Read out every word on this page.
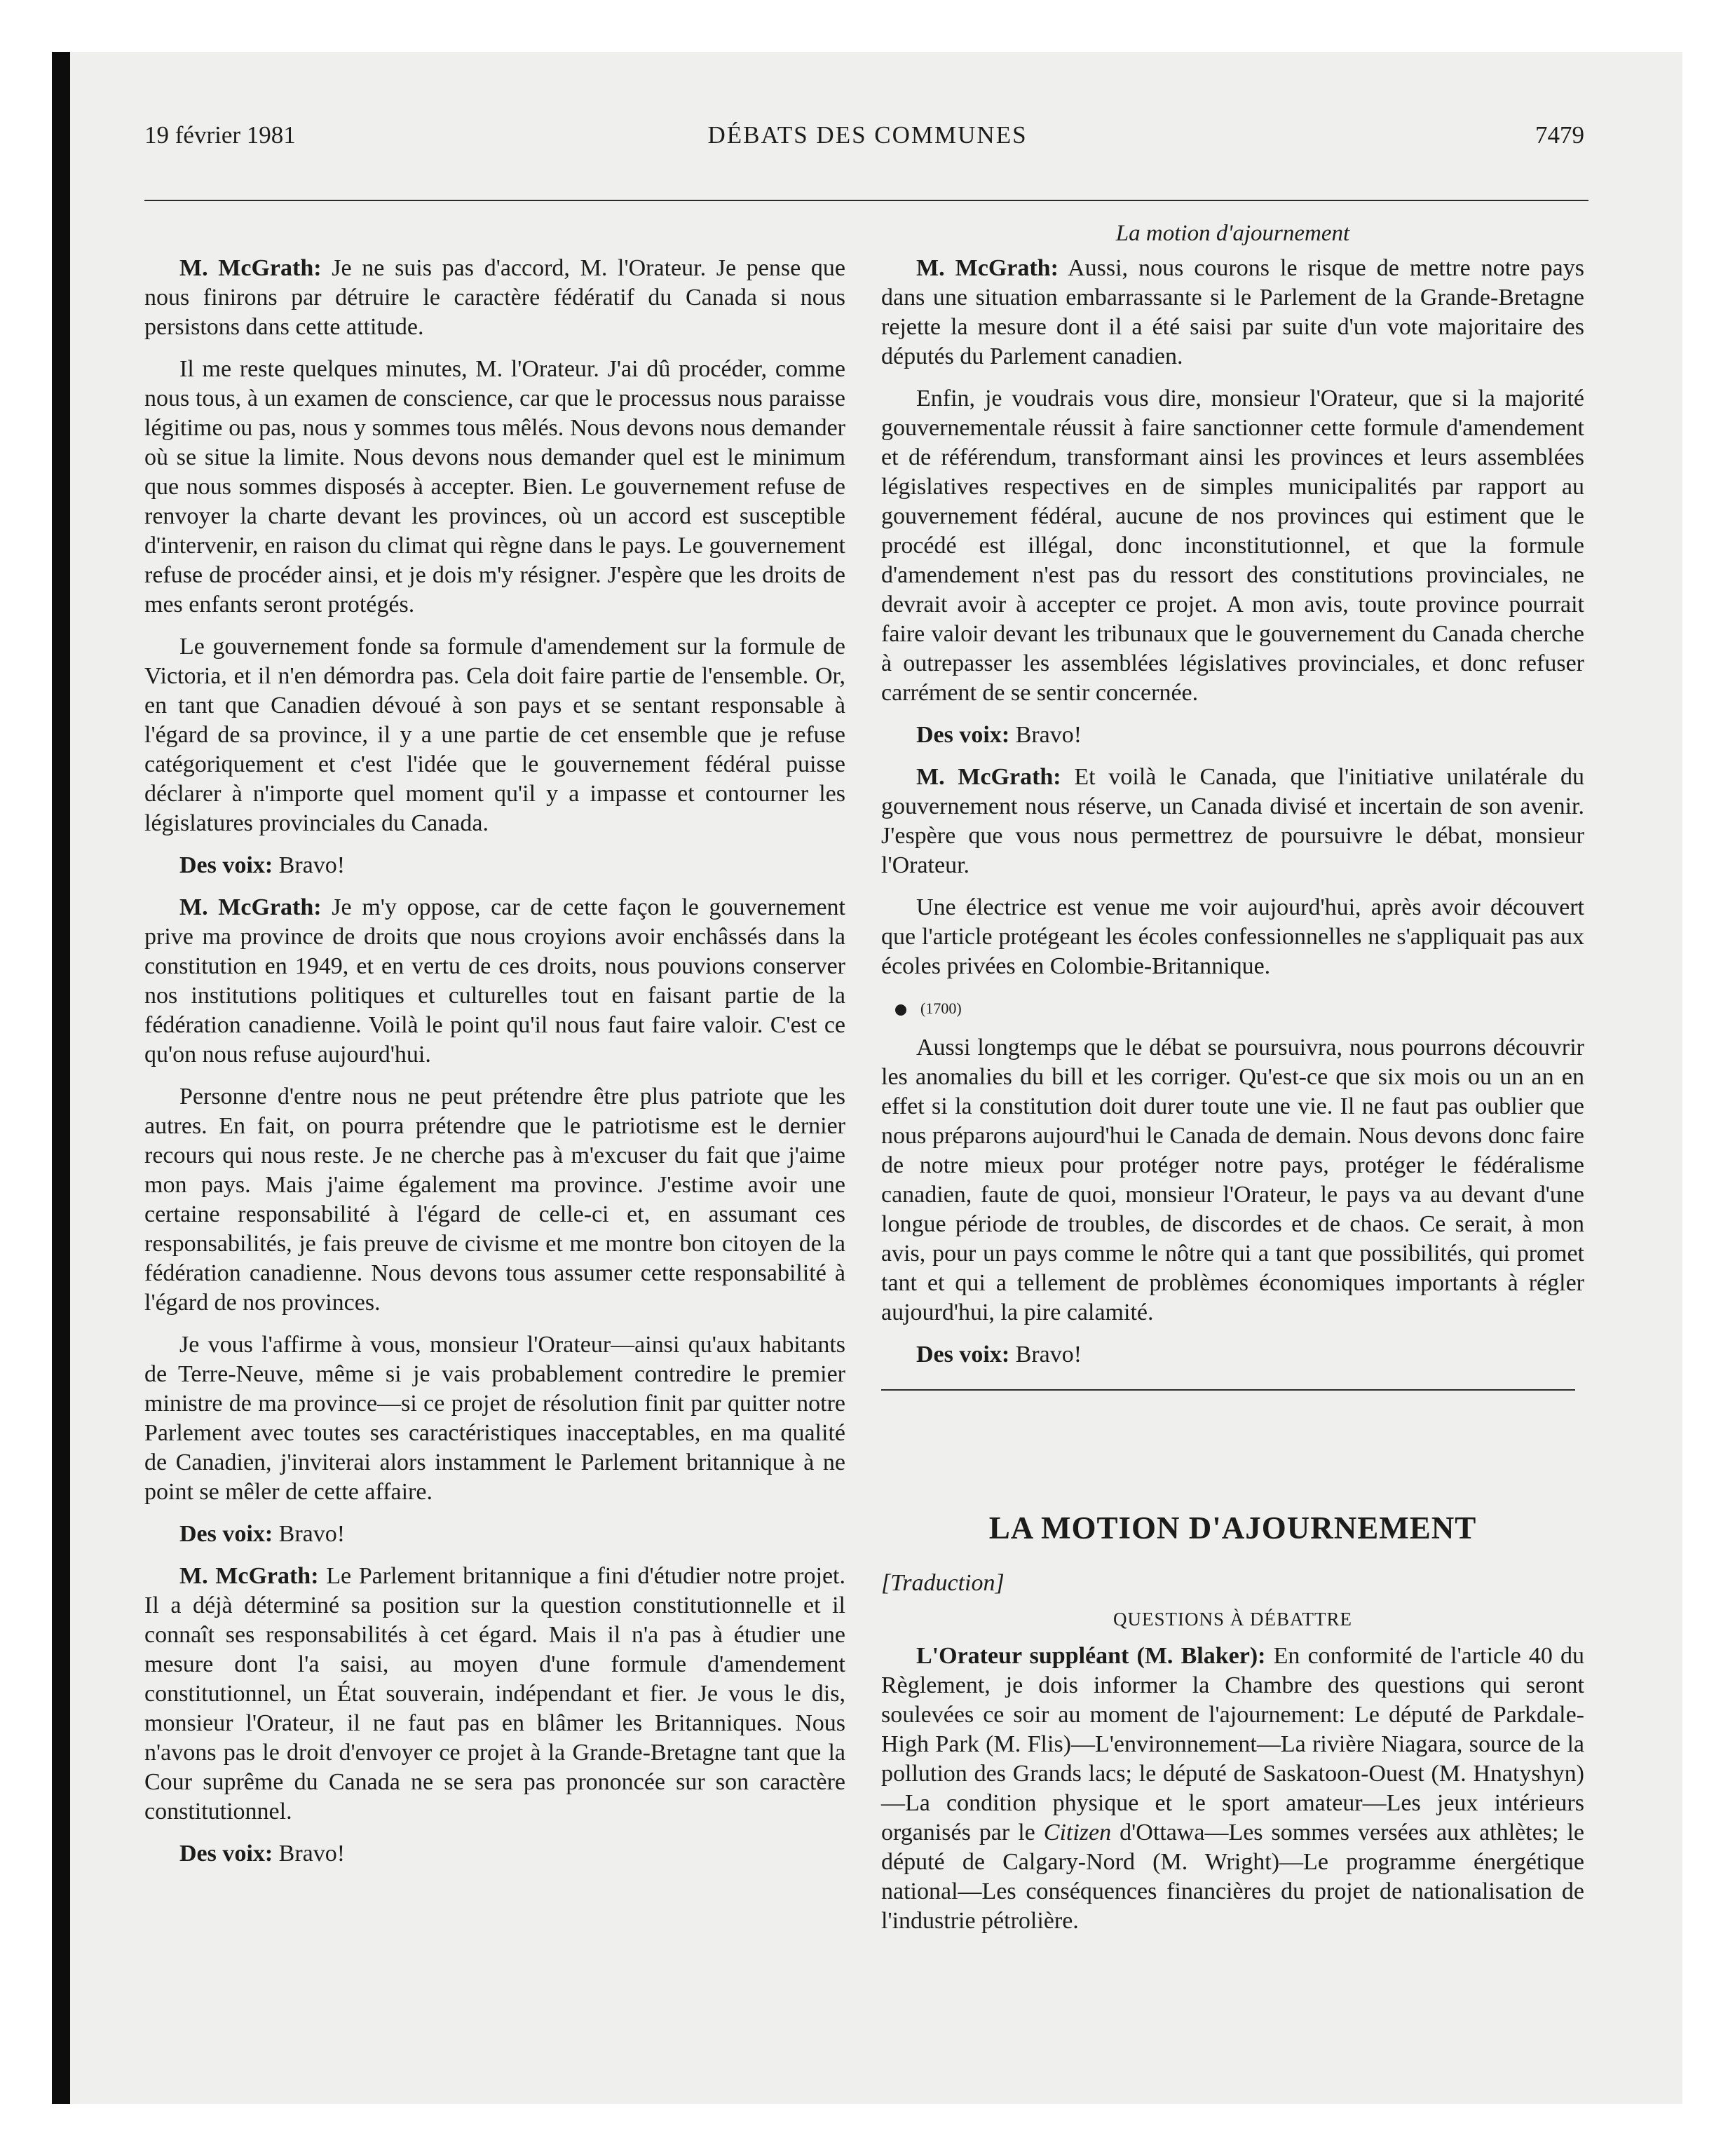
19 février 1981	DÉBATS DES COMMUNES	7479

M. McGrath: Je ne suis pas d'accord, M. l'Orateur. Je pense que nous finirons par détruire le caractère fédératif du Canada si nous persistons dans cette attitude.

Il me reste quelques minutes, M. l'Orateur. J'ai dû procéder, comme nous tous, à un examen de conscience, car que le processus nous paraisse légitime ou pas, nous y sommes tous mêlés. Nous devons nous demander où se situe la limite. Nous devons nous demander quel est le minimum que nous sommes disposés à accepter. Bien. Le gouvernement refuse de renvoyer la charte devant les provinces, où un accord est susceptible d'intervenir, en raison du climat qui règne dans le pays. Le gouvernement refuse de procéder ainsi, et je dois m'y résigner. J'espère que les droits de mes enfants seront protégés.

Le gouvernement fonde sa formule d'amendement sur la formule de Victoria, et il n'en démordra pas. Cela doit faire partie de l'ensemble. Or, en tant que Canadien dévoué à son pays et se sentant responsable à l'égard de sa province, il y a une partie de cet ensemble que je refuse catégoriquement et c'est l'idée que le gouvernement fédéral puisse déclarer à n'importe quel moment qu'il y a impasse et contourner les législatures provinciales du Canada.

Des voix: Bravo!

M. McGrath: Je m'y oppose, car de cette façon le gouvernement prive ma province de droits que nous croyions avoir enchâssés dans la constitution en 1949, et en vertu de ces droits, nous pouvions conserver nos institutions politiques et culturelles tout en faisant partie de la fédération canadienne. Voilà le point qu'il nous faut faire valoir. C'est ce qu'on nous refuse aujourd'hui.

Personne d'entre nous ne peut prétendre être plus patriote que les autres. En fait, on pourra prétendre que le patriotisme est le dernier recours qui nous reste. Je ne cherche pas à m'excuser du fait que j'aime mon pays. Mais j'aime également ma province. J'estime avoir une certaine responsabilité à l'égard de celle-ci et, en assumant ces responsabilités, je fais preuve de civisme et me montre bon citoyen de la fédération canadienne. Nous devons tous assumer cette responsabilité à l'égard de nos provinces.

Je vous l'affirme à vous, monsieur l'Orateur—ainsi qu'aux habitants de Terre-Neuve, même si je vais probablement contredire le premier ministre de ma province—si ce projet de résolution finit par quitter notre Parlement avec toutes ses caractéristiques inacceptables, en ma qualité de Canadien, j'inviterai alors instamment le Parlement britannique à ne point se mêler de cette affaire.

Des voix: Bravo!

M. McGrath: Le Parlement britannique a fini d'étudier notre projet. Il a déjà déterminé sa position sur la question constitutionnelle et il connaît ses responsabilités à cet égard. Mais il n'a pas à étudier une mesure dont l'a saisi, au moyen d'une formule d'amendement constitutionnel, un État souverain, indépendant et fier. Je vous le dis, monsieur l'Orateur, il ne faut pas en blâmer les Britanniques. Nous n'avons pas le droit d'envoyer ce projet à la Grande-Bretagne tant que la Cour suprême du Canada ne se sera pas prononcée sur son caractère constitutionnel.

Des voix: Bravo!

La motion d'ajournement

M. McGrath: Aussi, nous courons le risque de mettre notre pays dans une situation embarrassante si le Parlement de la Grande-Bretagne rejette la mesure dont il a été saisi par suite d'un vote majoritaire des députés du Parlement canadien.

Enfin, je voudrais vous dire, monsieur l'Orateur, que si la majorité gouvernementale réussit à faire sanctionner cette formule d'amendement et de référendum, transformant ainsi les provinces et leurs assemblées législatives respectives en de simples municipalités par rapport au gouvernement fédéral, aucune de nos provinces qui estiment que le procédé est illégal, donc inconstitutionnel, et que la formule d'amendement n'est pas du ressort des constitutions provinciales, ne devrait avoir à accepter ce projet. A mon avis, toute province pourrait faire valoir devant les tribunaux que le gouvernement du Canada cherche à outrepasser les assemblées législatives provinciales, et donc refuser carrément de se sentir concernée.

Des voix: Bravo!

M. McGrath: Et voilà le Canada, que l'initiative unilatérale du gouvernement nous réserve, un Canada divisé et incertain de son avenir. J'espère que vous nous permettrez de poursuivre le débat, monsieur l'Orateur.

Une électrice est venue me voir aujourd'hui, après avoir découvert que l'article protégeant les écoles confessionnelles ne s'appliquait pas aux écoles privées en Colombie-Britannique.

(1700)

Aussi longtemps que le débat se poursuivra, nous pourrons découvrir les anomalies du bill et les corriger. Qu'est-ce que six mois ou un an en effet si la constitution doit durer toute une vie. Il ne faut pas oublier que nous préparons aujourd'hui le Canada de demain. Nous devons donc faire de notre mieux pour protéger notre pays, protéger le fédéralisme canadien, faute de quoi, monsieur l'Orateur, le pays va au devant d'une longue période de troubles, de discordes et de chaos. Ce serait, à mon avis, pour un pays comme le nôtre qui a tant que possibilités, qui promet tant et qui a tellement de problèmes économiques importants à régler aujourd'hui, la pire calamité.

Des voix: Bravo!

LA MOTION D'AJOURNEMENT
[Traduction]
QUESTIONS À DÉBATTRE

L'Orateur suppléant (M. Blaker): En conformité de l'article 40 du Règlement, je dois informer la Chambre des questions qui seront soulevées ce soir au moment de l'ajournement: Le député de Parkdale-High Park (M. Flis)—L'environnement—La rivière Niagara, source de la pollution des Grands lacs; le député de Saskatoon-Ouest (M. Hnatyshyn)—La condition physique et le sport amateur—Les jeux intérieurs organisés par le Citizen d'Ottawa—Les sommes versées aux athlètes; le député de Calgary-Nord (M. Wright)—Le programme énergétique national—Les conséquences financières du projet de nationalisation de l'industrie pétrolière.
